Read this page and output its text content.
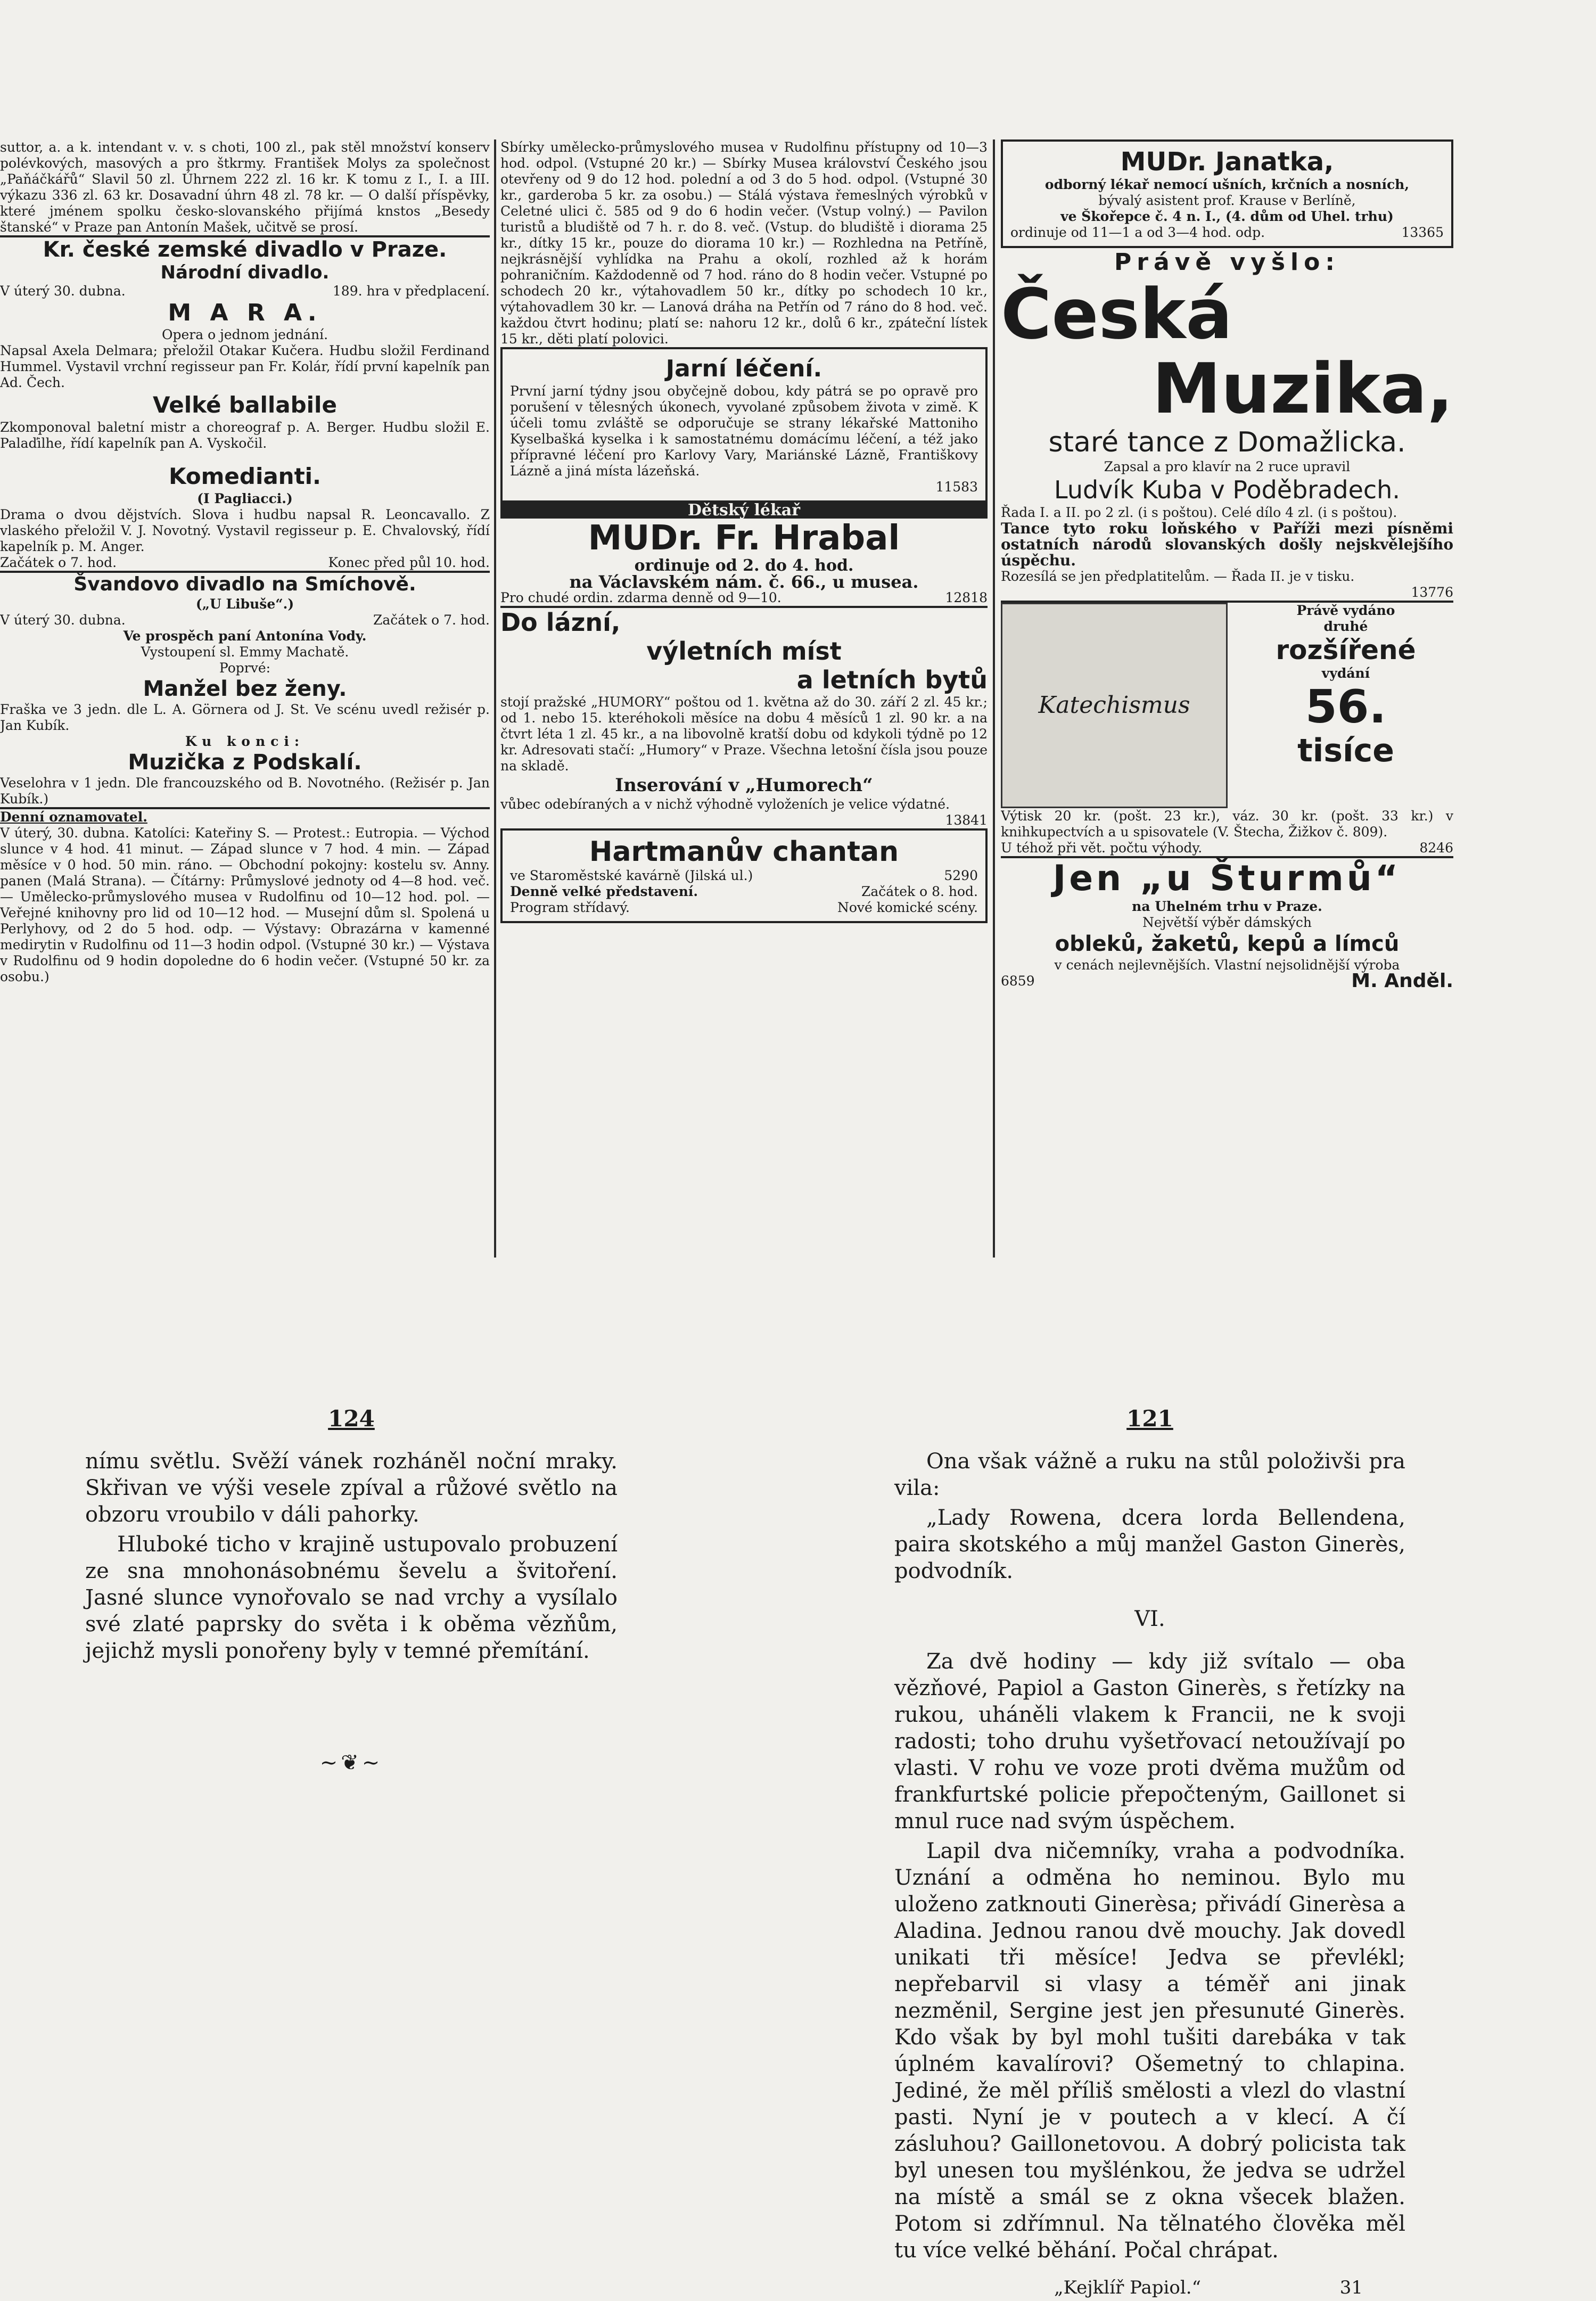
suttor, a. a k. intendant v. v. s choti, 100 zl., pak stěl množství konserv polévkových, masových a pro štkrmy. František Molys za společnost „Paňáčkářů“ Slavil 50 zl. Úhrnem 222 zl. 16 kr. K tomu z I., I. a III. výkazu 336 zl. 63 kr. Dosavadní úhrn 48 zl. 78 kr. — O další příspěvky, které jménem spolku česko-slovanského přijímá knstos „Besedy štanské“ v Praze pan Antonín Mašek, učitvě se prosí.

Kr. české zemské divadlo v Praze.
Národní divadlo.
V úterý 30. dubna.	189. hra v předplacení.
M A R A.
Opera o jednom jednání.

Napsal Axela Delmara; přeložil Otakar Kučera. Hudbu složil Ferdinand Hummel. Vystavil vrchní regisseur pan Fr. Kolár, řídí první kapelník pan Ad. Čech.

Velké ballabile

Zkomponoval baletní mistr a choreograf p. A. Berger. Hudbu složil E. Palaďilhe, řídí kapelník pan A. Vyskočil.

Komedianti.
(I Pagliacci.)

Drama o dvou dějstvích. Slova i hudbu napsal R. Leoncavallo. Z vlaského přeložil V. J. Novotný. Vystavil regisseur p. E. Chvalovský, řídí kapelník p. M. Anger.

Začátek o 7. hod.	Konec před půl 10. hod.
Švandovo divadlo na Smíchově.
(„U Libuše“.)
V úterý 30. dubna.	Začátek o 7. hod.
Ve prospěch paní Antonína Vody.
Vystoupení sl. Emmy Machatě.
Poprvé:
Manžel bez ženy.

Fraška ve 3 jedn. dle L. A. Görnera od J. St. Ve scénu uvedl režisér p. Jan Kubík.

Ku konci:
Muzička z Podskalí.

Veselohra v 1 jedn. Dle francouzského od B. Novotného. (Režisér p. Jan Kubík.)

Denní oznamovatel.

V úterý, 30. dubna. Katolíci: Kateřiny S. — Protest.: Eutropia. — Východ slunce v 4 hod. 41 minut. — Západ slunce v 7 hod. 4 min. — Západ měsíce v 0 hod. 50 min. ráno. — Obchodní pokojny: kostelu sv. Anny. panen (Malá Strana). — Čítárny: Průmyslové jednoty od 4—8 hod. več. — Umělecko-průmyslového musea v Rudolfinu od 10—12 hod. pol. — Veřejné knihovny pro lid od 10—12 hod. — Musejní dům sl. Spolená u Perlyhovy, od 2 do 5 hod. odp. — Výstavy: Obrazárna v kamenné medirytin v Rudolfinu od 11—3 hodin odpol. (Vstupné 30 kr.) — Výstava v Rudolfinu od 9 hodin dopoledne do 6 hodin večer. (Vstupné 50 kr. za osobu.)

Sbírky umělecko-průmyslového musea v Rudolfinu přístupny od 10—3 hod. odpol. (Vstupné 20 kr.) — Sbírky Musea království Českého jsou otevřeny od 9 do 12 hod. polední a od 3 do 5 hod. odpol. (Vstupné 30 kr., garderoba 5 kr. za osobu.) — Stálá výstava řemeslných výrobků v Celetné ulici č. 585 od 9 do 6 hodin večer. (Vstup volný.) — Pavilon turistů a bludiště od 7 h. r. do 8. več. (Vstup. do bludiště i diorama 25 kr., dítky 15 kr., pouze do diorama 10 kr.) — Rozhledna na Petříně, nejkrásnější vyhlídka na Prahu a okolí, rozhled až k horám pohraničním. Každodenně od 7 hod. ráno do 8 hodin večer. Vstupné po schodech 20 kr., výtahovadlem 50 kr., dítky po schodech 10 kr., výtahovadlem 30 kr. — Lanová dráha na Petřín od 7 ráno do 8 hod. več. každou čtvrt hodinu; platí se: nahoru 12 kr., dolů 6 kr., zpáteční lístek 15 kr., děti platí polovici.

Jarní léčení.

První jarní týdny jsou obyčejně dobou, kdy pátrá se po opravě pro porušení v tělesných úkonech, vyvolané způsobem života v zimě. K účeli tomu zvláště se odporučuje se strany lékařské Mattoniho Kyselbašká kyselka i k samostatnému domácímu léčení, a též jako přípravné léčení pro Karlovy Vary, Mariánské Lázně, Františkovy Lázně a jiná místa lázeňská.

11583
Dětský lékař
MUDr. Fr. Hrabal
ordinuje od 2. do 4. hod.
na Václavském nám. č. 66., u musea.
Pro chudé ordin. zdarma denně od 9—10.	12818
Do lázní,
výletních míst
a letních bytů

stojí pražské „HUMORY“ poštou od 1. května až do 30. září 2 zl. 45 kr.; od 1. nebo 15. kteréhokoli měsíce na dobu 4 měsíců 1 zl. 90 kr. a na čtvrt léta 1 zl. 45 kr., a na libovolně kratší dobu od kdykoli týdně po 12 kr. Adresovati stačí: „Humory“ v Praze. Všechna letošní čísla jsou pouze na skladě.

Inserování v „Humorech“

vůbec odebíraných a v nichž výhodně vyloženích je velice výdatné.

13841
Hartmanův chantan
ve Staroměstské kavárně (Jilská ul.)	5290
Denně velké představení.	Začátek o 8. hod.
Program střídavý.	Nové komické scény.
MUDr. Janatka,
odborný lékař nemocí ušních, krčních a nosních,
bývalý asistent prof. Krause v Berlíně,
ve Škořepce č. 4 n. I., (4. dům od Uhel. trhu)
ordinuje od 11—1 a od 3—4 hod. odp.	13365
Právě vyšlo:
Česká
Muzika,
staré tance z Domažlicka.
Zapsal a pro klavír na 2 ruce upravil
Ludvík Kuba v Poděbradech.

Řada I. a II. po 2 zl. (i s poštou). Celé dílo 4 zl. (i s poštou).

Tance tyto roku loňského v Paříži mezi písněmi ostatních národů slovanských došly nejskvělejšího úspěchu.

Rozesílá se jen předplatitelům. — Řada II. je v tisku.

13776
Katechismus
Právě vydáno
druhé
rozšířené
vydání
56.
tisíce

Výtisk 20 kr. (pošt. 23 kr.), váz. 30 kr. (pošt. 33 kr.) v knihkupectvích a u spisovatele (V. Štecha, Žižkov č. 809).

U téhož při vět. počtu výhody.	8246
Jen „u Šturmů“
na Uhelném trhu v Praze.
Největší výběr dámských
obleků, žaketů, kepů a límců
v cenách nejlevnějších. Vlastní nejsolidnější výroba
6859	M. Anděl.
124

nímu světlu. Svěží vánek rozháněl noční mraky. Skřivan ve výši vesele zpíval a růžové světlo na obzoru vroubilo v dáli pahorky.

Hluboké ticho v krajině ustupovalo probuzení ze sna mnohonásobnému ševelu a švitoření. Jasné slunce vynořovalo se nad vrchy a vysílalo své zlaté paprsky do světa i k oběma vězňům, jejichž mysli ponořeny byly v temné přemítání.

~❦~
121

Ona však vážně a ruku na stůl položivši pra vila:

„Lady Rowena, dcera lorda Bellendena, paira skotského a můj manžel Gaston Ginerès, podvodník.

VI.

Za dvě hodiny — kdy již svítalo — oba vězňové, Papiol a Gaston Ginerès, s řetízky na rukou, uháněli vlakem k Francii, ne k svoji radosti; toho druhu vyšetřovací netoužívají po vlasti. V rohu ve voze proti dvěma mužům od frankfurtské policie přepočteným, Gaillonet si mnul ruce nad svým úspěchem.

Lapil dva ničemníky, vraha a podvodníka. Uznání a odměna ho neminou. Bylo mu uloženo zatknouti Ginerèsa; přivádí Ginerèsa a Aladina. Jednou ranou dvě mouchy. Jak dovedl unikati tři měsíce! Jedva se převlékl; nepřebarvil si vlasy a téměř ani jinak nezměnil, Sergine jest jen přesunuté Ginerès. Kdo však by byl mohl tušiti darebáka v tak úplném kavalírovi? Ošemetný to chlapina. Jediné, že měl příliš smělosti a vlezl do vlastní pasti. Nyní je v poutech a v klecí. A čí zásluhou? Gaillonetovou. A dobrý policista tak byl unesen tou myšlénkou, že jedva se udržel na místě a smál se z okna všecek blažen. Potom si zdřímnul. Na tělnatého člověka měl tu více velké běhání. Počal chrápat.

„Kejklíř Papiol.“	31
